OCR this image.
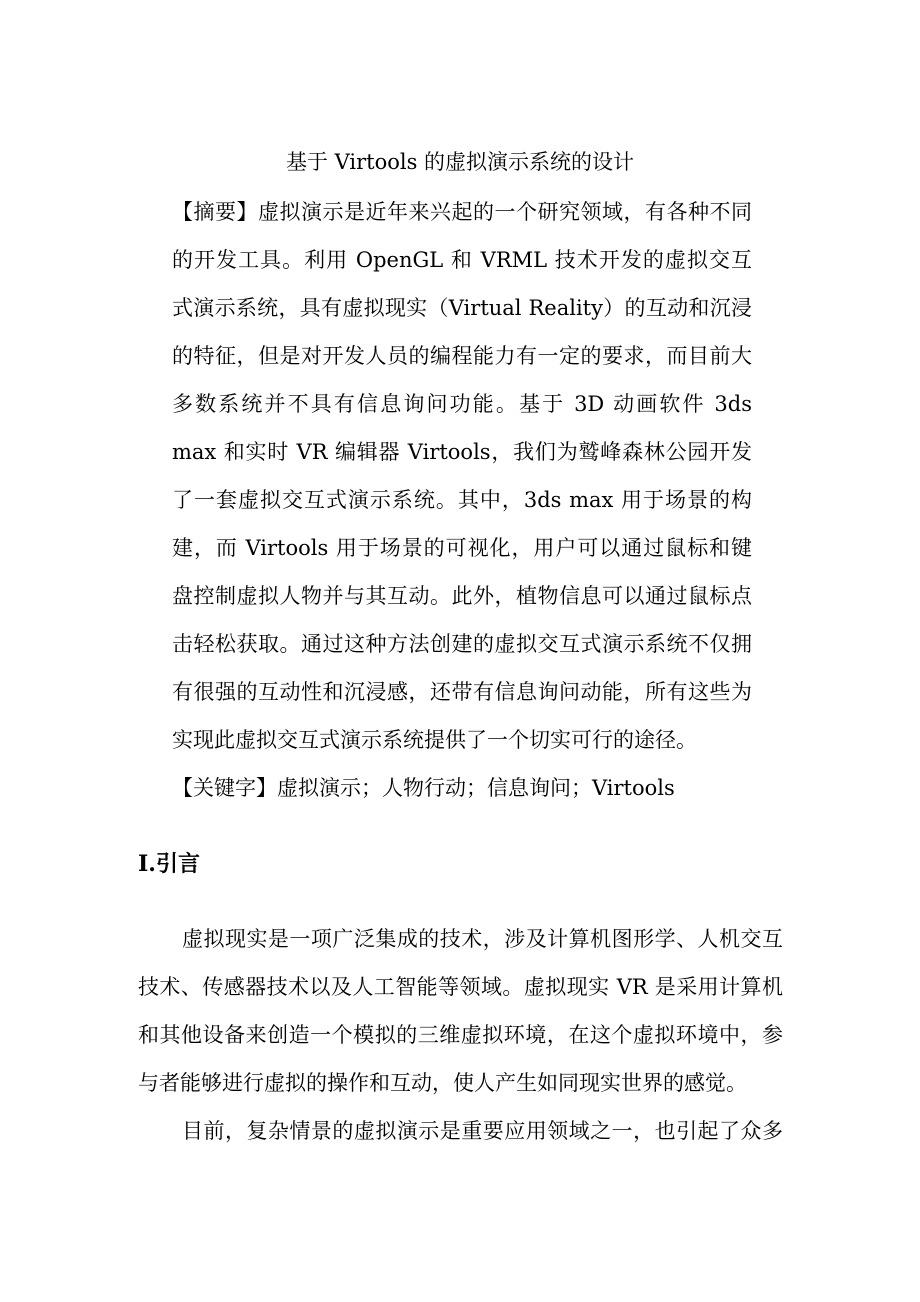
基于 Virtools 的虚拟演示系统的设计
【摘要】虚拟演示是近年来兴起的一个研究领域，有各种不同
的开发工具。利用 OpenGL 和 VRML 技术开发的虚拟交互
式演示系统，具有虚拟现实（Virtual Reality）的互动和沉浸
的特征，但是对开发人员的编程能力有一定的要求，而目前大
多数系统并不具有信息询问功能。基于 3D 动画软件 3ds
max 和实时 VR 编辑器 Virtools，我们为鹫峰森林公园开发
了一套虚拟交互式演示系统。其中，3ds max 用于场景的构
建，而 Virtools 用于场景的可视化，用户可以通过鼠标和键
盘控制虚拟人物并与其互动。此外，植物信息可以通过鼠标点
击轻松获取。通过这种方法创建的虚拟交互式演示系统不仅拥
有很强的互动性和沉浸感，还带有信息询问动能，所有这些为
实现此虚拟交互式演示系统提供了一个切实可行的途径。
【关键字】虚拟演示；人物行动；信息询问；Virtools
I.引言
虚拟现实是一项广泛集成的技术，涉及计算机图形学、人机交互
技术、传感器技术以及人工智能等领域。虚拟现实 VR 是采用计算机
和其他设备来创造一个模拟的三维虚拟环境，在这个虚拟环境中，参
与者能够进行虚拟的操作和互动，使人产生如同现实世界的感觉。
目前，复杂情景的虚拟演示是重要应用领域之一，也引起了众多
